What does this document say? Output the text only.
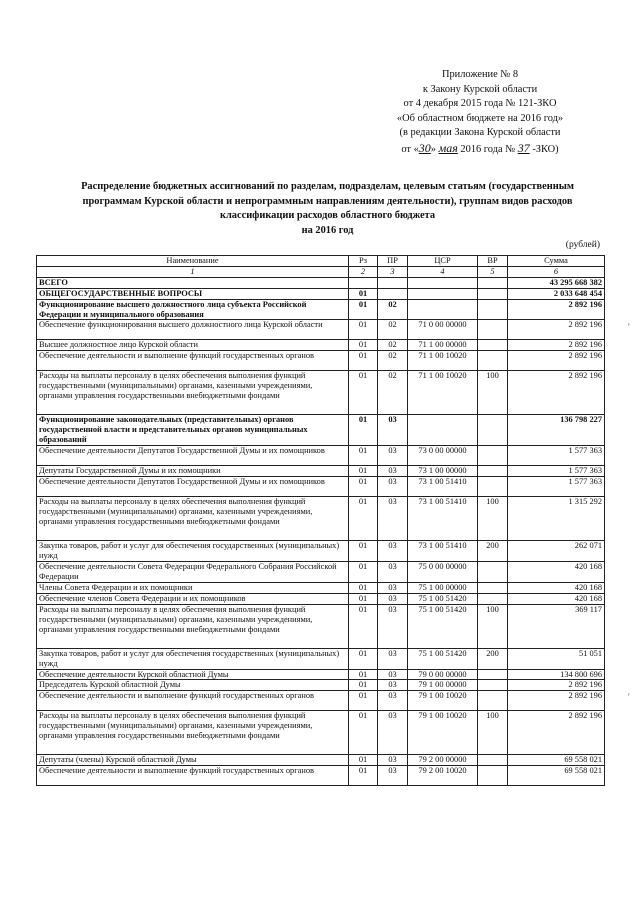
Приложение № 8
к Закону Курской области
от 4 декабря 2015 года № 121-ЗКО
«Об областном бюджете на 2016 год»
(в редакции Закона Курской области
от «30» мая 2016 года № 37 -ЗКО)
Распределение бюджетных ассигнований по разделам, подразделам, целевым статьям (государственным
программам Курской области и непрограммным направлениям деятельности), группам видов расходов
классификации расходов областного бюджета
на 2016 год
(рублей)
Наименование	Рз	ПР	ЦСР	ВР	Сумма
1	2	3	4	5	6
ВСЕГО					43 295 668 382
ОБЩЕГОСУДАРСТВЕННЫЕ ВОПРОСЫ	01				2 033 648 454
Функционирование высшего должностного лица субъекта Российской Федерации и муниципального образования	01	02			2 892 196
Обеспечение функционирования высшего должностного лица Курской области	01	02	71 0 00 00000		2 892 196
Высшее должностное лицо Курской области	01	02	71 1 00 00000		2 892 196
Обеспечение деятельности и выполнение функций государственных органов	01	02	71 1 00 10020		2 892 196
Расходы на выплаты персоналу в целях обеспечения выполнения функций государственными (муниципальными) органами, казенными учреждениями, органами управления государственными внебюджетными фондами	01	02	71 1 00 10020	100	2 892 196
Функционирование законодательных (представительных) органов государственной власти и представительных органов муниципальных образований	01	03			136 798 227
Обеспечение деятельности Депутатов Государственной Думы и их помощников	01	03	73 0 00 00000		1 577 363
Депутаты Государственной Думы и их помощники	01	03	73 1 00 00000		1 577 363
Обеспечение деятельности Депутатов Государственной Думы и их помощников	01	03	73 1 00 51410		1 577 363
Расходы на выплаты персоналу в целях обеспечения выполнения функций государственными (муниципальными) органами, казенными учреждениями, органами управления государственными внебюджетными фондами	01	03	73 1 00 51410	100	1 315 292
Закупка товаров, работ и услуг для обеспечения государственных (муниципальных) нужд	01	03	73 1 00 51410	200	262 071
Обеспечение деятельности Совета Федерации Федерального Собрания Российской Федерации	01	03	75 0 00 00000		420 168
Члены Совета Федерации и их помощники	01	03	75 1 00 00000		420 168
Обеспечение членов Совета Федерации и их помощников	01	03	75 1 00 51420		420 168
Расходы на выплаты персоналу в целях обеспечения выполнения функций государственными (муниципальными) органами, казенными учреждениями, органами управления государственными внебюджетными фондами	01	03	75 1 00 51420	100	369 117
Закупка товаров, работ и услуг для обеспечения государственных (муниципальных) нужд	01	03	75 1 00 51420	200	51 051
Обеспечение деятельности Курской областной Думы	01	03	79 0 00 00000		134 800 696
Председатель Курской областной Думы	01	03	79 1 00 00000		2 892 196
Обеспечение деятельности и выполнение функций государственных органов	01	03	79 1 00 10020		2 892 196
Расходы на выплаты персоналу в целях обеспечения выполнения функций государственными (муниципальными) органами, казенными учреждениями, органами управления государственными внебюджетными фондами	01	03	79 1 00 10020	100	2 892 196
Депутаты (члены) Курской областной Думы	01	03	79 2 00 00000		69 558 021
Обеспечение деятельности и выполнение функций государственных органов	01	03	79 2 00 10020		69 558 021
'
'
